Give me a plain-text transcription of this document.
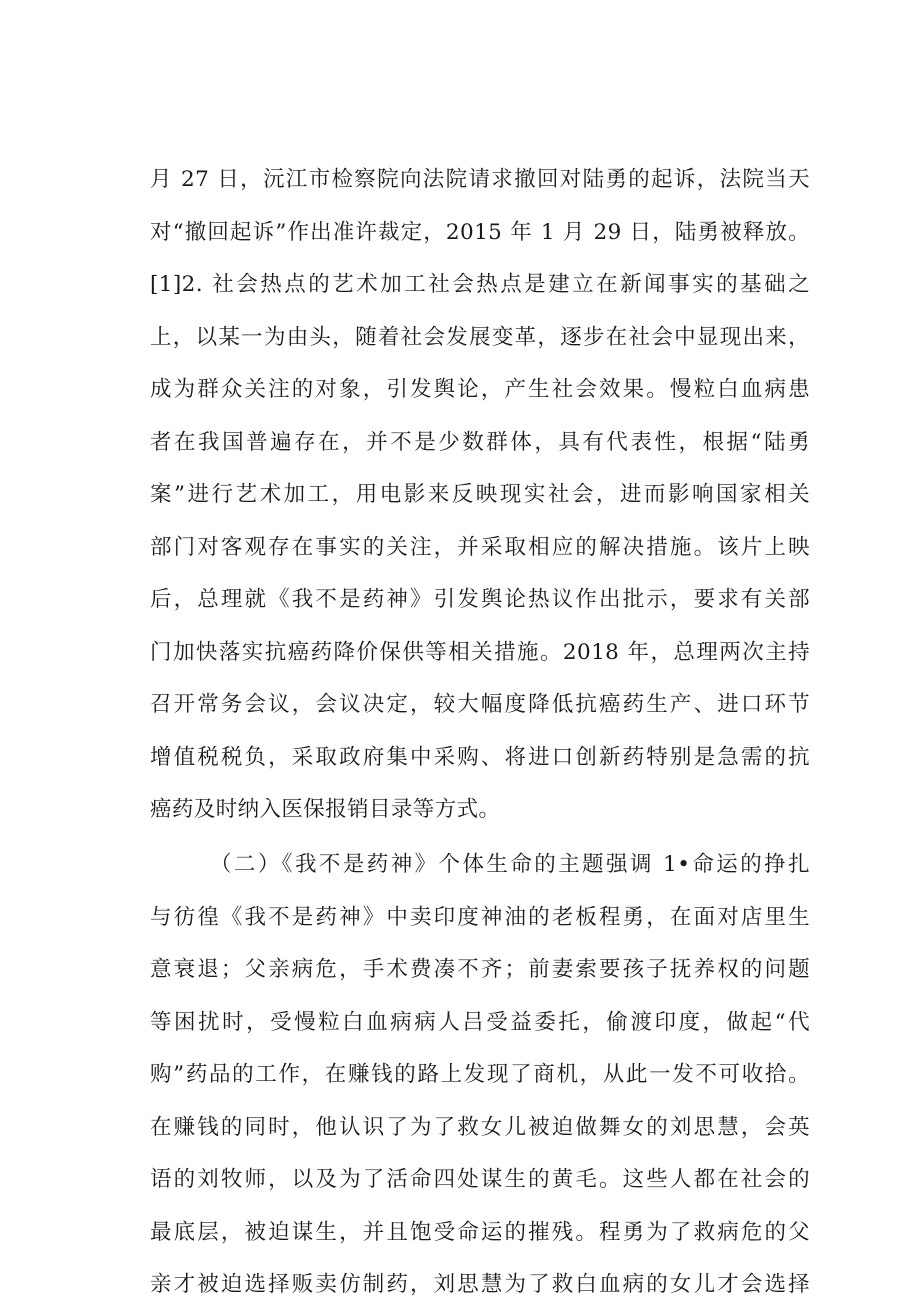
月 27 日，沅江市检察院向法院请求撤回对陆勇的起诉，法院当天
对“撤回起诉”作出准许裁定，2015 年 1 月 29 日，陆勇被释放。
[1]2. 社会热点的艺术加工社会热点是建立在新闻事实的基础之
上，以某一为由头，随着社会发展变革，逐步在社会中显现出来，
成为群众关注的对象，引发舆论，产生社会效果。慢粒白血病患
者在我国普遍存在，并不是少数群体，具有代表性，根据“陆勇
案”进行艺术加工，用电影来反映现实社会，进而影响国家相关
部门对客观存在事实的关注，并采取相应的解决措施。该片上映
后，总理就《我不是药神》引发舆论热议作出批示，要求有关部
门加快落实抗癌药降价保供等相关措施。2018 年，总理两次主持
召开常务会议，会议决定，较大幅度降低抗癌药生产、进口环节
增值税税负，采取政府集中采购、将进口创新药特别是急需的抗
癌药及时纳入医保报销目录等方式。
（二）《我不是药神》个体生命的主题强调 1•命运的挣扎
与彷徨《我不是药神》中卖印度神油的老板程勇，在面对店里生
意衰退；父亲病危，手术费凑不齐；前妻索要孩子抚养权的问题
等困扰时，受慢粒白血病病人吕受益委托，偷渡印度，做起“代
购”药品的工作，在赚钱的路上发现了商机，从此一发不可收拾。
在赚钱的同时，他认识了为了救女儿被迫做舞女的刘思慧，会英
语的刘牧师，以及为了活命四处谋生的黄毛。这些人都在社会的
最底层，被迫谋生，并且饱受命运的摧残。程勇为了救病危的父
亲才被迫选择贩卖仿制药，刘思慧为了救白血病的女儿才会选择
